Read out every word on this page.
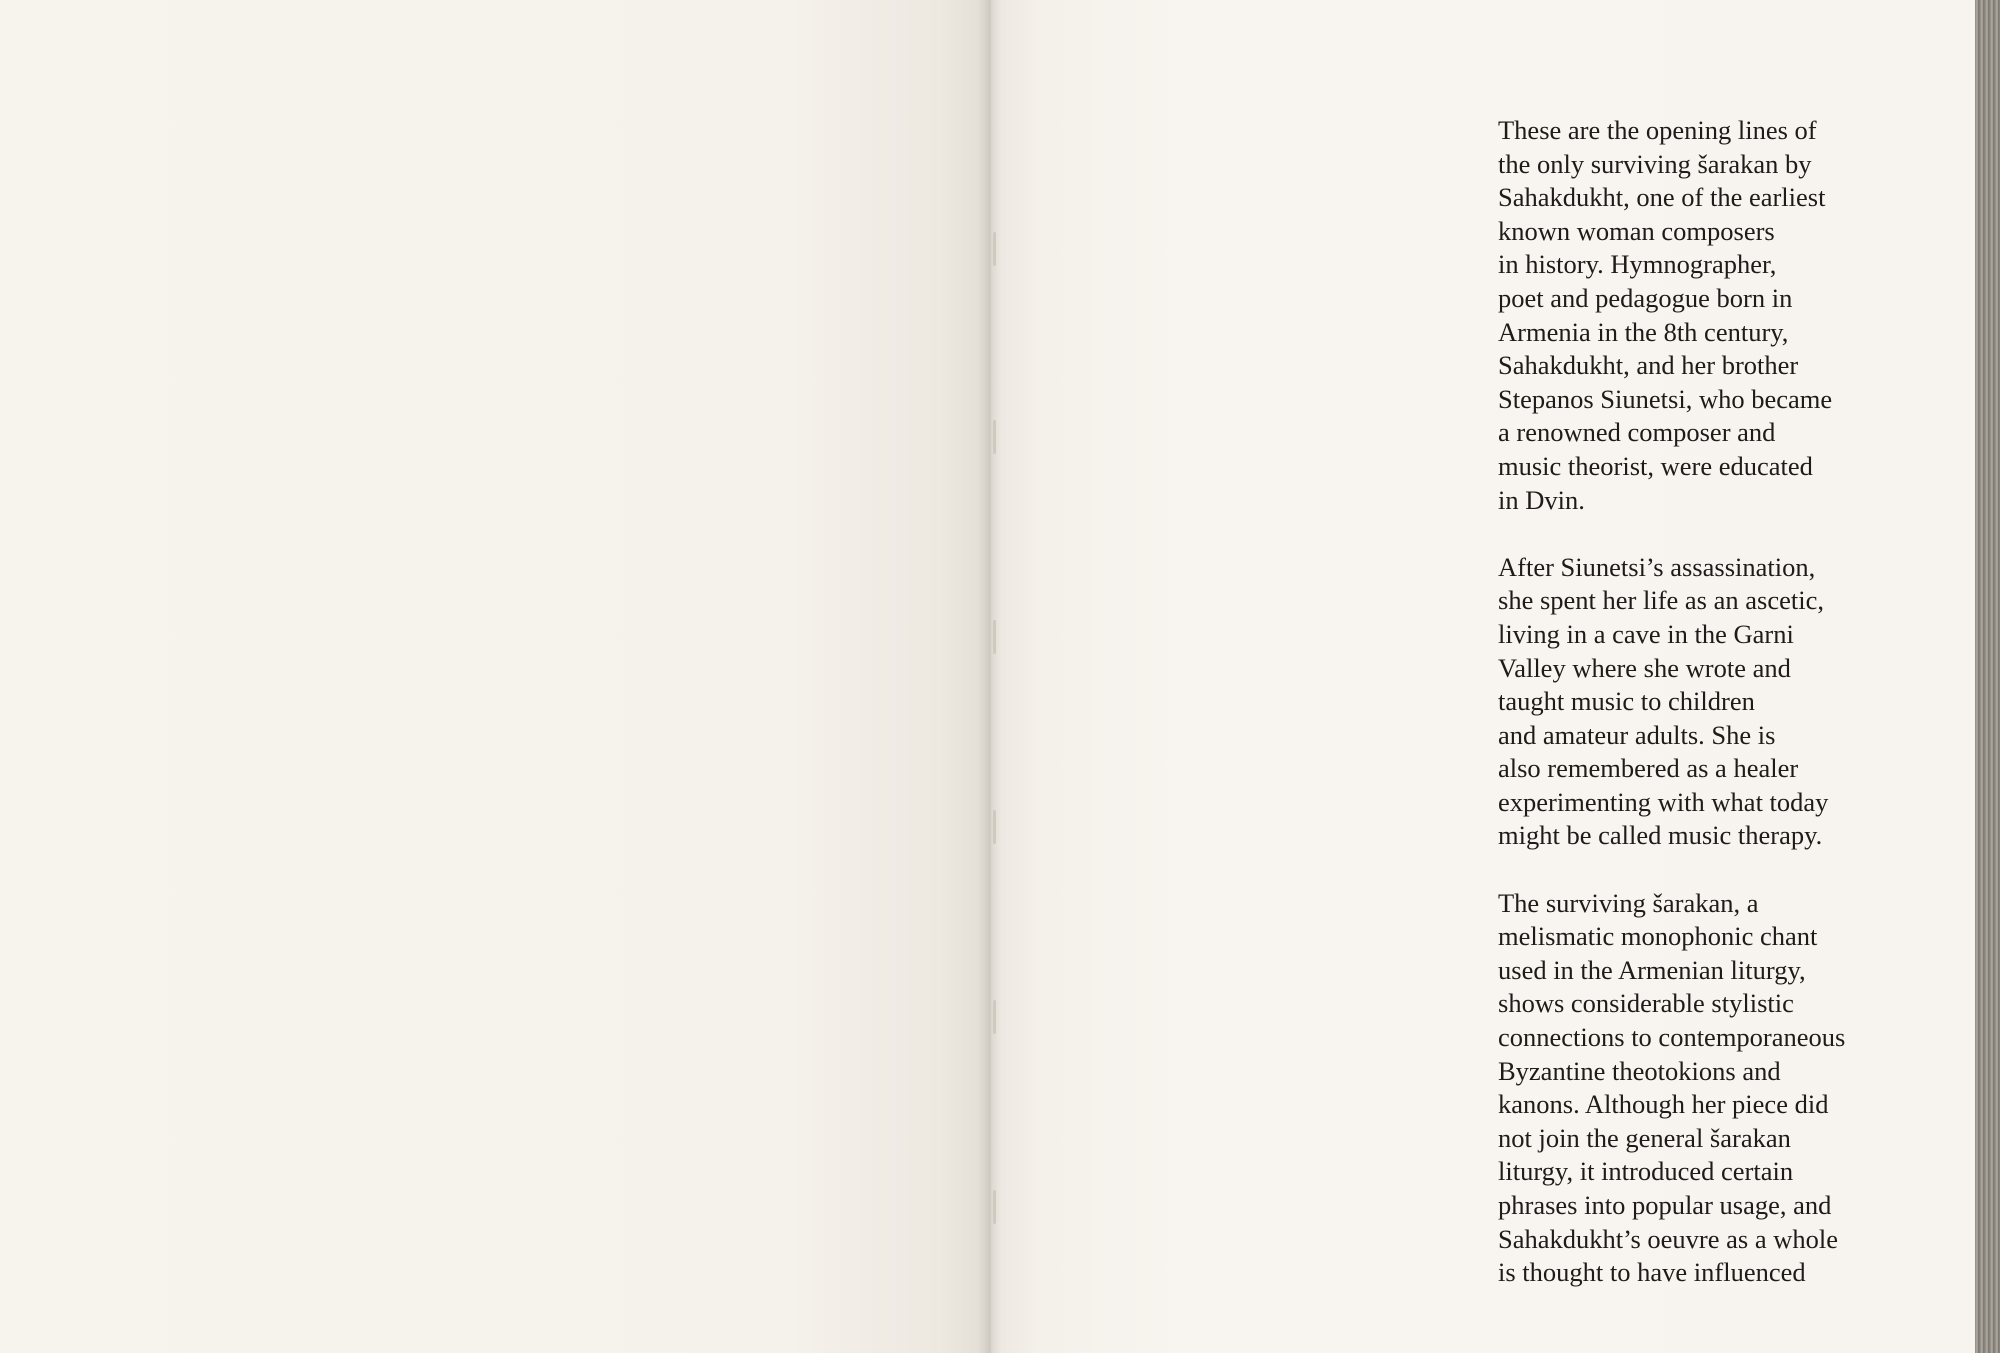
These are the opening lines of
the only surviving šarakan by
Sahakdukht, one of the earliest
known woman composers
in history. Hymnographer,
poet and pedagogue born in
Armenia in the 8th century,
Sahakdukht, and her brother
Stepanos Siunetsi, who became
a renowned composer and
music theorist, were educated
in Dvin.

After Siunetsi’s assassination,
she spent her life as an ascetic,
living in a cave in the Garni
Valley where she wrote and
taught music to children
and amateur adults. She is
also remembered as a healer
experimenting with what today
might be called music therapy.

The surviving šarakan, a
melismatic monophonic chant
used in the Armenian liturgy,
shows considerable stylistic
connections to contemporaneous
Byzantine theotokions and
kanons. Although her piece did
not join the general šarakan
liturgy, it introduced certain
phrases into popular usage, and
Sahakdukht’s oeuvre as a whole
is thought to have influenced
